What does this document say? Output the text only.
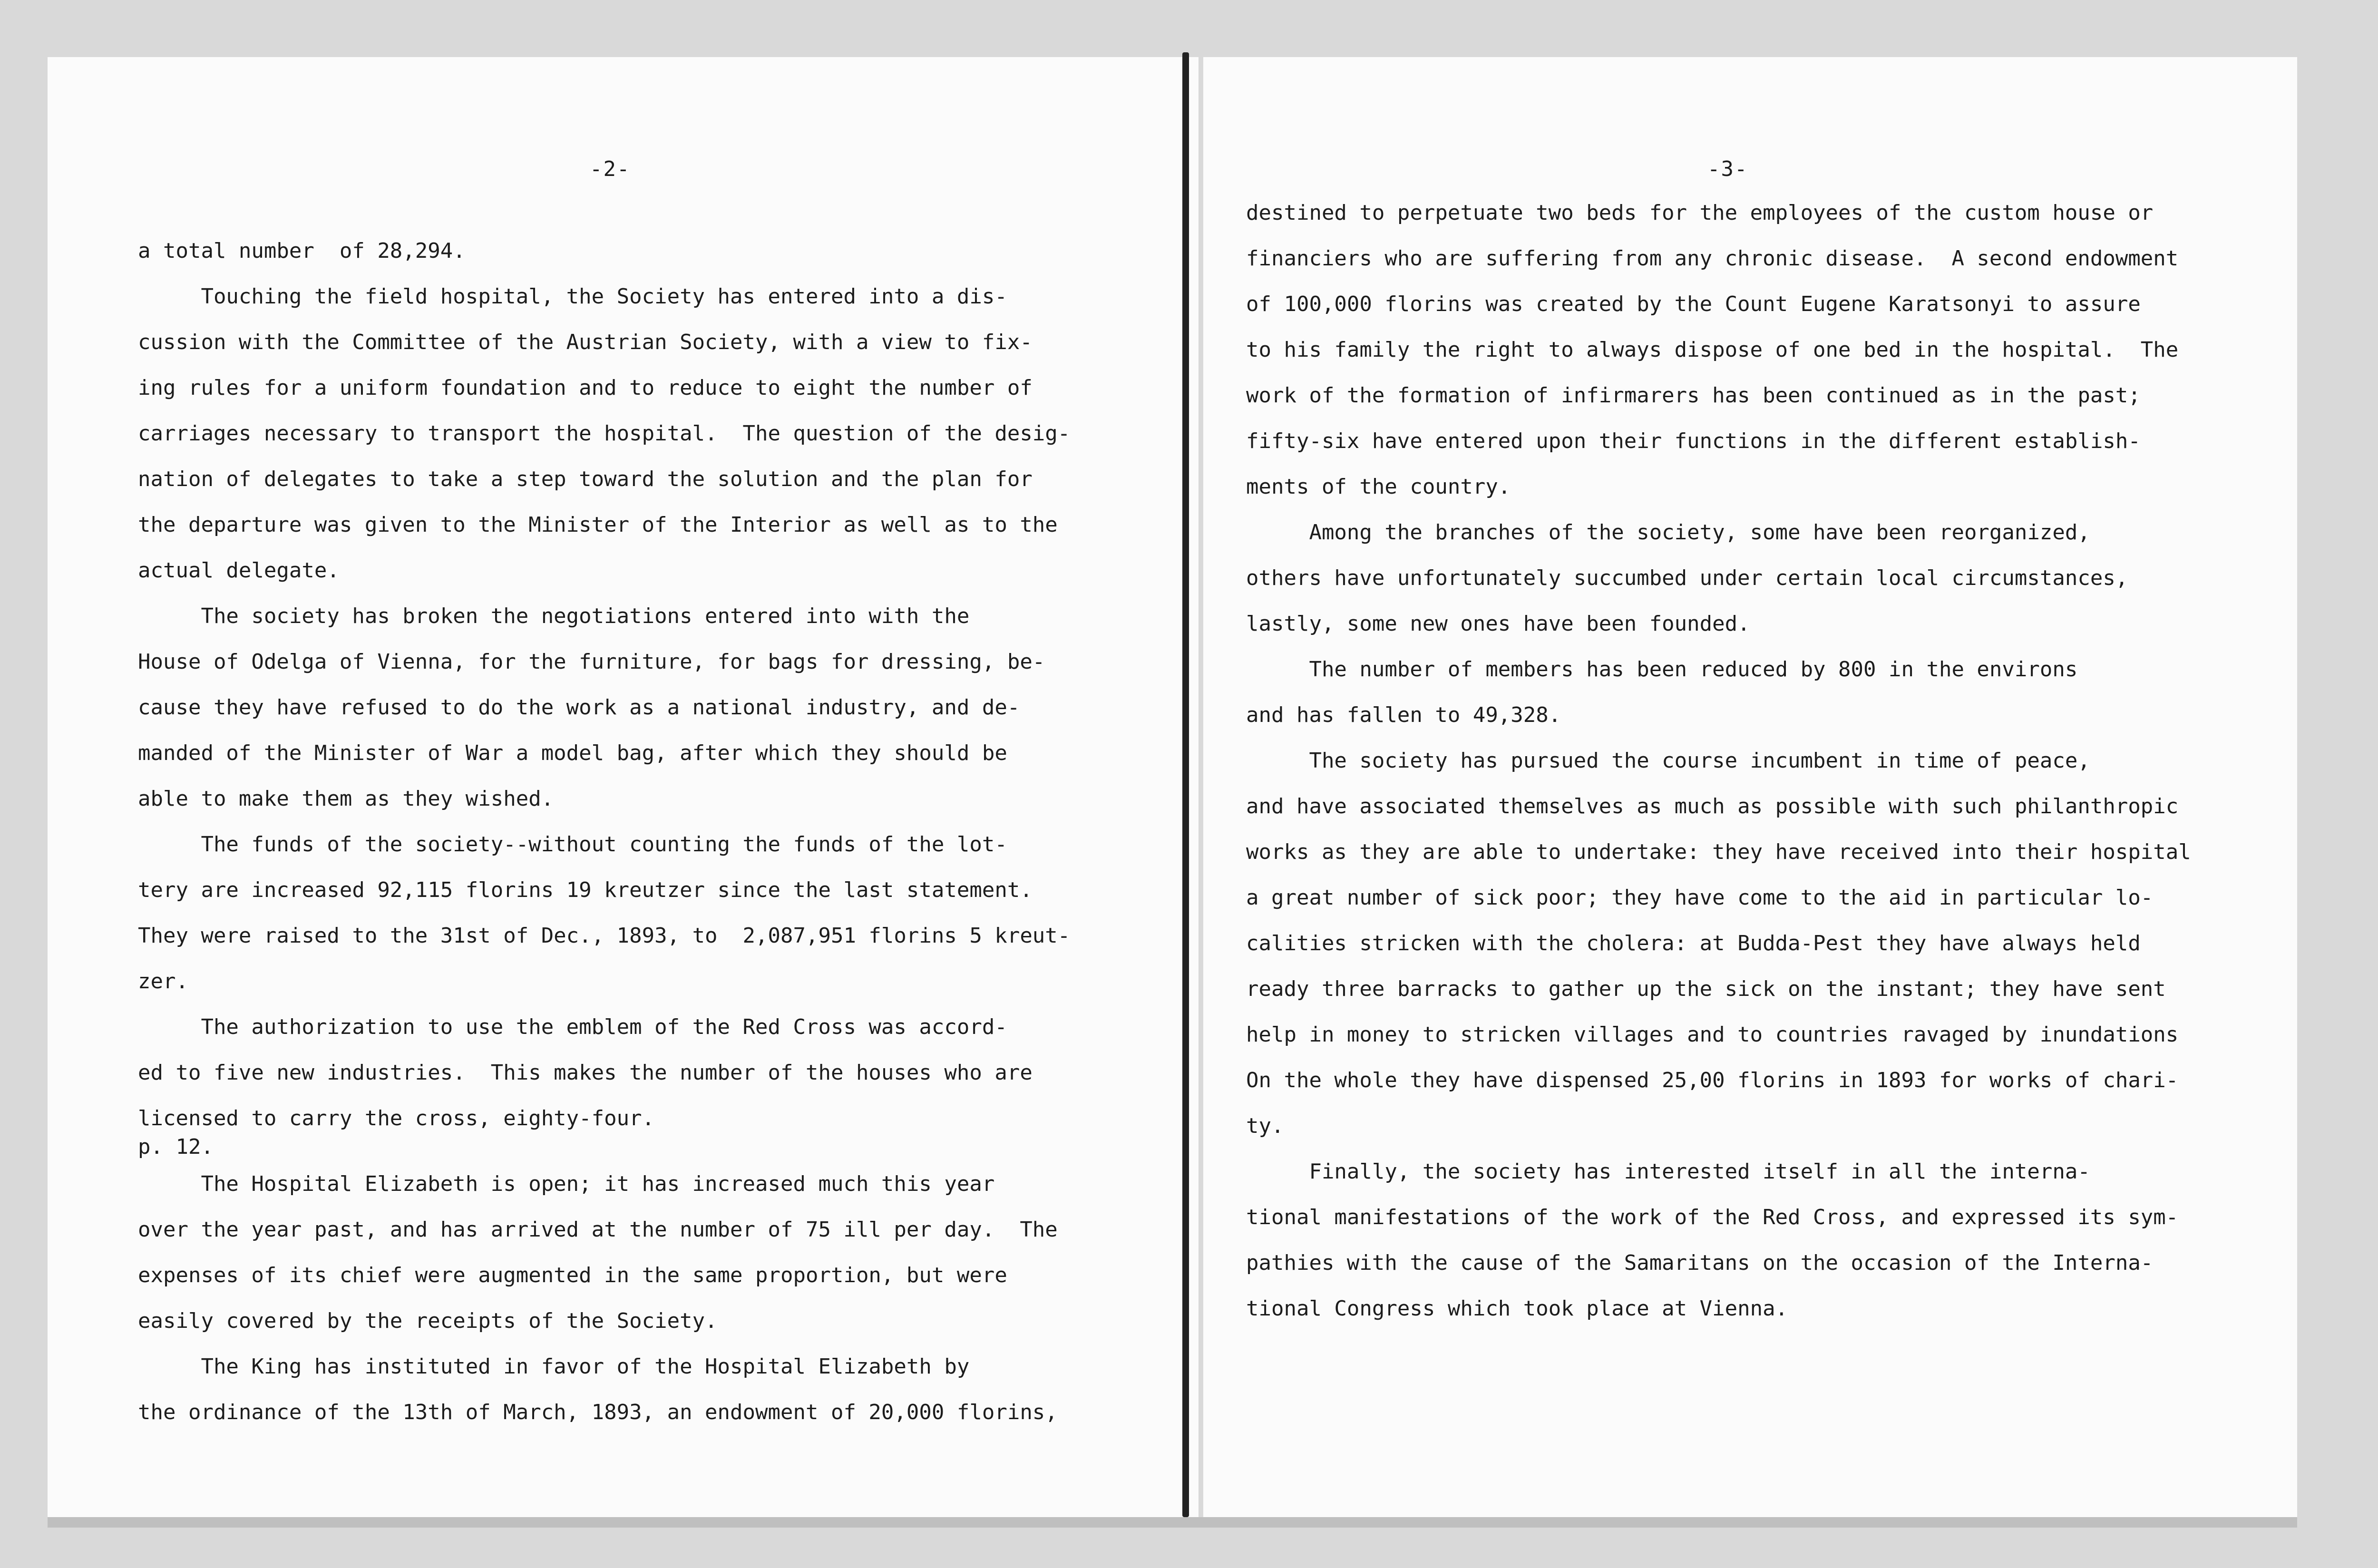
-2-
a total number  of 28,294.
Touching the field hospital, the Society has entered into a dis-
cussion with the Committee of the Austrian Society, with a view to fix-
ing rules for a uniform foundation and to reduce to eight the number of
carriages necessary to transport the hospital.  The question of the desig-
nation of delegates to take a step toward the solution and the plan for
the departure was given to the Minister of the Interior as well as to the
actual delegate.
The society has broken the negotiations entered into with the
House of Odelga of Vienna, for the furniture, for bags for dressing, be-
cause they have refused to do the work as a national industry, and de-
manded of the Minister of War a model bag, after which they should be
able to make them as they wished.
The funds of the society--without counting the funds of the lot-
tery are increased 92,115 florins 19 kreutzer since the last statement.
They were raised to the 31st of Dec., 1893, to  2,087,951 florins 5 kreut-
zer.
The authorization to use the emblem of the Red Cross was accord-
ed to five new industries.  This makes the number of the houses who are
licensed to carry the cross, eighty-four.
p. 12.
The Hospital Elizabeth is open; it has increased much this year
over the year past, and has arrived at the number of 75 ill per day.  The
expenses of its chief were augmented in the same proportion, but were
easily covered by the receipts of the Society.
The King has instituted in favor of the Hospital Elizabeth by
the ordinance of the 13th of March, 1893, an endowment of 20,000 florins,
-3-
destined to perpetuate two beds for the employees of the custom house or
financiers who are suffering from any chronic disease.  A second endowment
of 100,000 florins was created by the Count Eugene Karatsonyi to assure
to his family the right to always dispose of one bed in the hospital.  The
work of the formation of infirmarers has been continued as in the past;
fifty-six have entered upon their functions in the different establish-
ments of the country.
Among the branches of the society, some have been reorganized,
others have unfortunately succumbed under certain local circumstances,
lastly, some new ones have been founded.
The number of members has been reduced by 800 in the environs
and has fallen to 49,328.
The society has pursued the course incumbent in time of peace,
and have associated themselves as much as possible with such philanthropic
works as they are able to undertake: they have received into their hospital
a great number of sick poor; they have come to the aid in particular lo-
calities stricken with the cholera: at Budda-Pest they have always held
ready three barracks to gather up the sick on the instant; they have sent
help in money to stricken villages and to countries ravaged by inundations
On the whole they have dispensed 25,00 florins in 1893 for works of chari-
ty.
Finally, the society has interested itself in all the interna-
tional manifestations of the work of the Red Cross, and expressed its sym-
pathies with the cause of the Samaritans on the occasion of the Interna-
tional Congress which took place at Vienna.
